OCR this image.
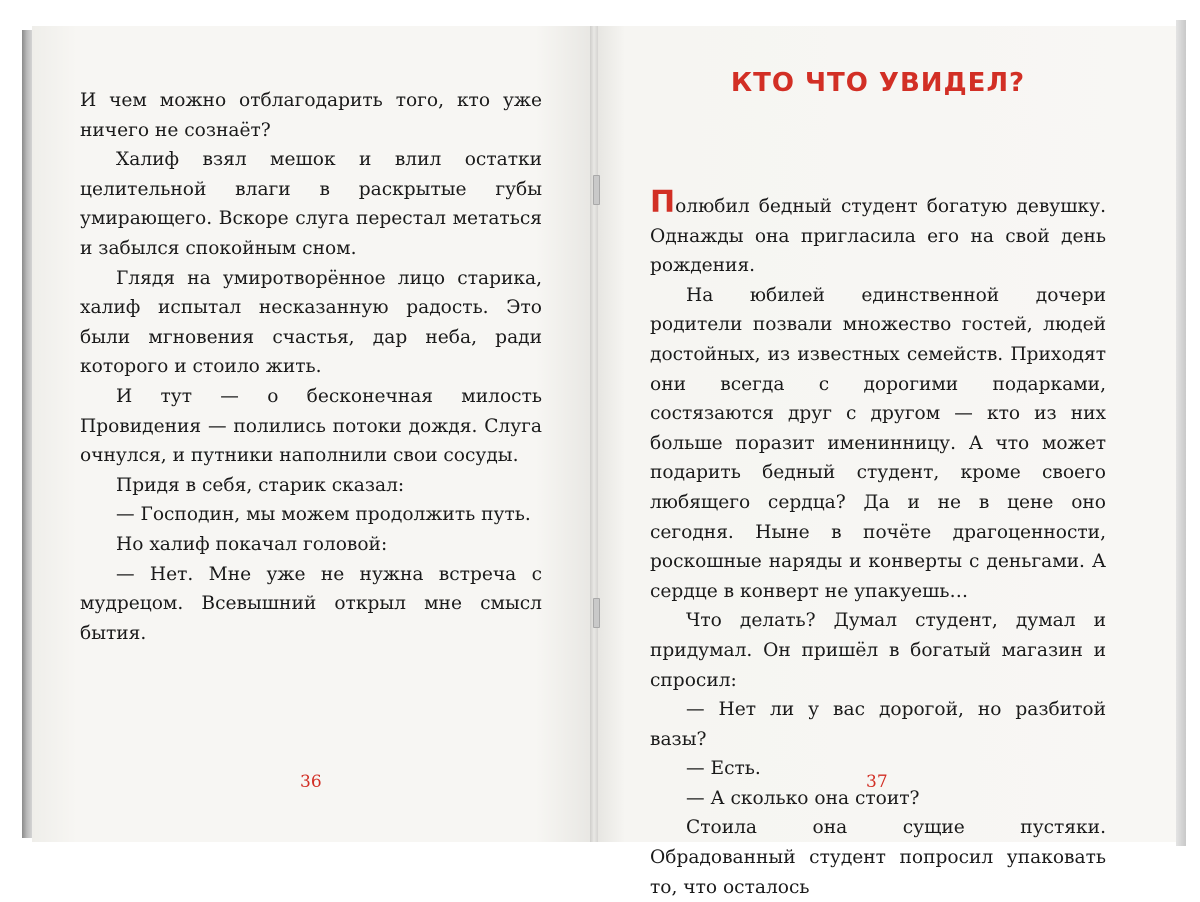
И чем можно отблагодарить того, кто уже ничего не сознаёт?

Халиф взял мешок и влил остатки целительной влаги в раскрытые губы умирающего. Вскоре слуга перестал метаться и забылся спокойным сном.

Глядя на умиротворённое лицо старика, халиф испытал несказанную радость. Это были мгновения счастья, дар неба, ради которого и стоило жить.

И тут — о бесконечная милость Провидения — полились потоки дождя. Слуга очнулся, и путники наполнили свои сосуды.

Придя в себя, старик сказал:

— Господин, мы можем продолжить путь.

Но халиф покачал головой:

— Нет. Мне уже не нужна встреча с мудрецом. Всевышний открыл мне смысл бытия.

36
КТО ЧТО УВИДЕЛ?

Полюбил бедный студент богатую девушку. Однажды она пригласила его на свой день рождения.

На юбилей единственной дочери родители позвали множество гостей, людей достойных, из известных семейств. Приходят они всегда с дорогими подарками, состязаются друг с другом — кто из них больше поразит именинницу. А что может подарить бедный студент, кроме своего любящего сердца? Да и не в цене оно сегодня. Ныне в почёте драгоценности, роскошные наряды и конверты с деньгами. А сердце в конверт не упакуешь…

Что делать? Думал студент, думал и придумал. Он пришёл в богатый магазин и спросил:

— Нет ли у вас дорогой, но разбитой вазы?

— Есть.

— А сколько она стоит?

Стоила она сущие пустяки. Обрадованный студент попросил упаковать то, что осталось

37
